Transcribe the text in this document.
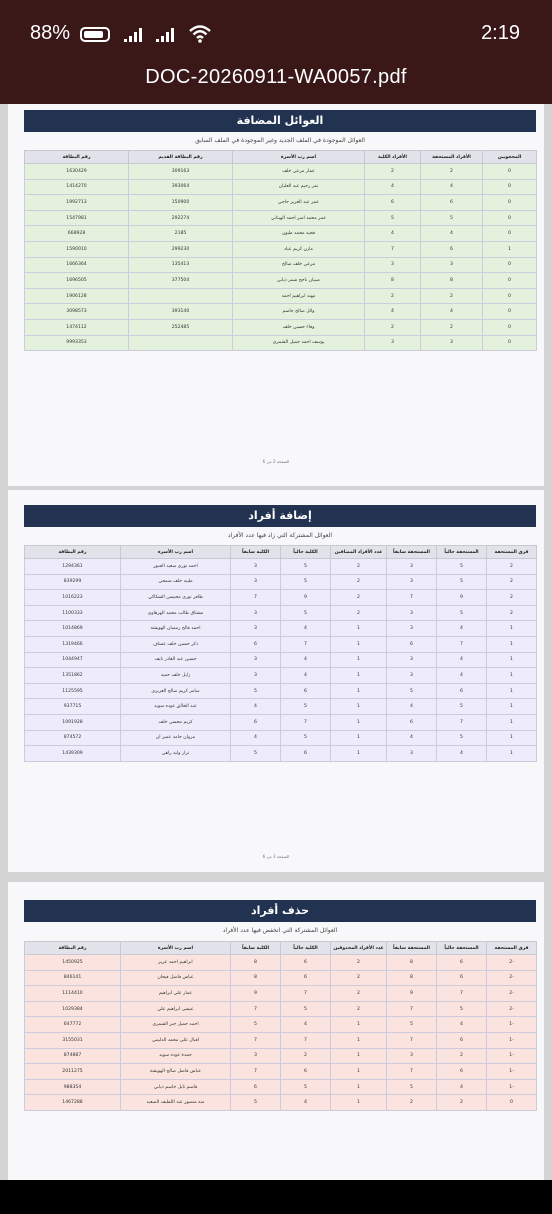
88%	2:19
DOC-20260911-WA0057.pdf
العوائل المضافة
العوائل الموجودة في الملف الجديد وغير الموجودة في الملف السابق
المحجوبين	الأفراد المستحقة	الأفراد الكلية	اسم رب الأسرة	رقم البطاقة القديم	رقم البطاقة
0	2	2	عمار مرعي خلف	309163	1630429
0	4	4	نمر رحيم عبد العليان	393064	1414270
0	6	6	عمر عبد العزيز حاجي	150900	1992713
0	5	5	عمر محمد امير احمد الهيتاني	292274	1547981
0	4	4	قحيه محمد طيون	2185	668928
1	6	7	مازن كريم عباد	299230	1590010
0	3	3	مرعي خلف صالح	135413	1666364
0	8	8	صبيان ناجح شمر ذيابي	377504	1696505
0	2	2	مهند ابراهيم احمد		1906128
0	4	4	وائل صالح جاسم	393140	3098573
0	2	2	وفاء حسين خلف	252485	1474112
0	3	3	يوسف احمد جميل الشمري		9993353
الصفحة 2 من 6
إضافة أفراد
العوائل المشتركة التي زاد فيها عدد الأفراد
فرق المستحقة	المستحقة حالياً	المستحقة سابقاً	عدد الأفراد المضافين	الكلية حالياً	الكلية سابقاً	اسم رب الأسرة	رقم البطاقة
2	5	3	2	5	3	احمد نوري سعيد الجبور	1294361
2	5	3	2	5	3	طيبه خلف شمحي	839299
2	9	7	2	9	7	ظافر نوري محيسن الشكاكي	1016223
2	5	3	2	5	3	مشتاق طالب محمد الهرهاوي	1100333
1	4	3	1	4	3	احمد فالح رمضان الهويشة	1014869
1	7	6	1	7	6	ذكر حسين خلف عساف	1319466
1	4	3	1	4	3	حسين عبد القادر نايف	1044947
1	4	3	1	4	3	زايل خلف حميد	1351862
1	6	5	1	6	5	سامر كريم صالح العزيزي	1125595
1	5	4	1	5	4	عبد الخالق عوده سويد	937715
1	7	6	1	7	6	كريم محسن خلف	1091928
1	5	4	1	5	4	مروان حامد عمير ان	874572
1	4	3	1	6	5	نزار وليد راهي	1439309
الصفحة 3 من 6
حذف أفراد
العوائل المشتركة التي انخفض فيها عدد الأفراد
فرق المستحقة	المستحقة حالياً	المستحقة سابقاً	عدد الأفراد المحذوفين	الكلية حالياً	الكلية سابقاً	اسم رب الأسرة	رقم البطاقة
-2	6	8	2	6	8	ابراهيم احمد عزيز	1450925
-2	6	8	2	6	8	عباس فاضل فيحان	846141
-2	7	9	2	7	9	عمار علي ابراهيم	1114410
-2	5	7	2	5	7	عيسى ابراهيم علي	1029384
-1	4	5	1	4	5	احمد جميل جبر الشمري	647772
-1	6	7	1	7	7	اقبال علي محمد الدليمي	3155031
-1	2	3	1	2	3	حمدة عوده سويد	874887
-1	6	7	1	6	7	عباس فاضل صالح الهويشة	2011275
-1	4	5	1	5	6	قاسم نايل جاسم ذيابي	988354
0	2	2	1	4	5	منه منصور عبد اللطيف الصعيد	1467288
